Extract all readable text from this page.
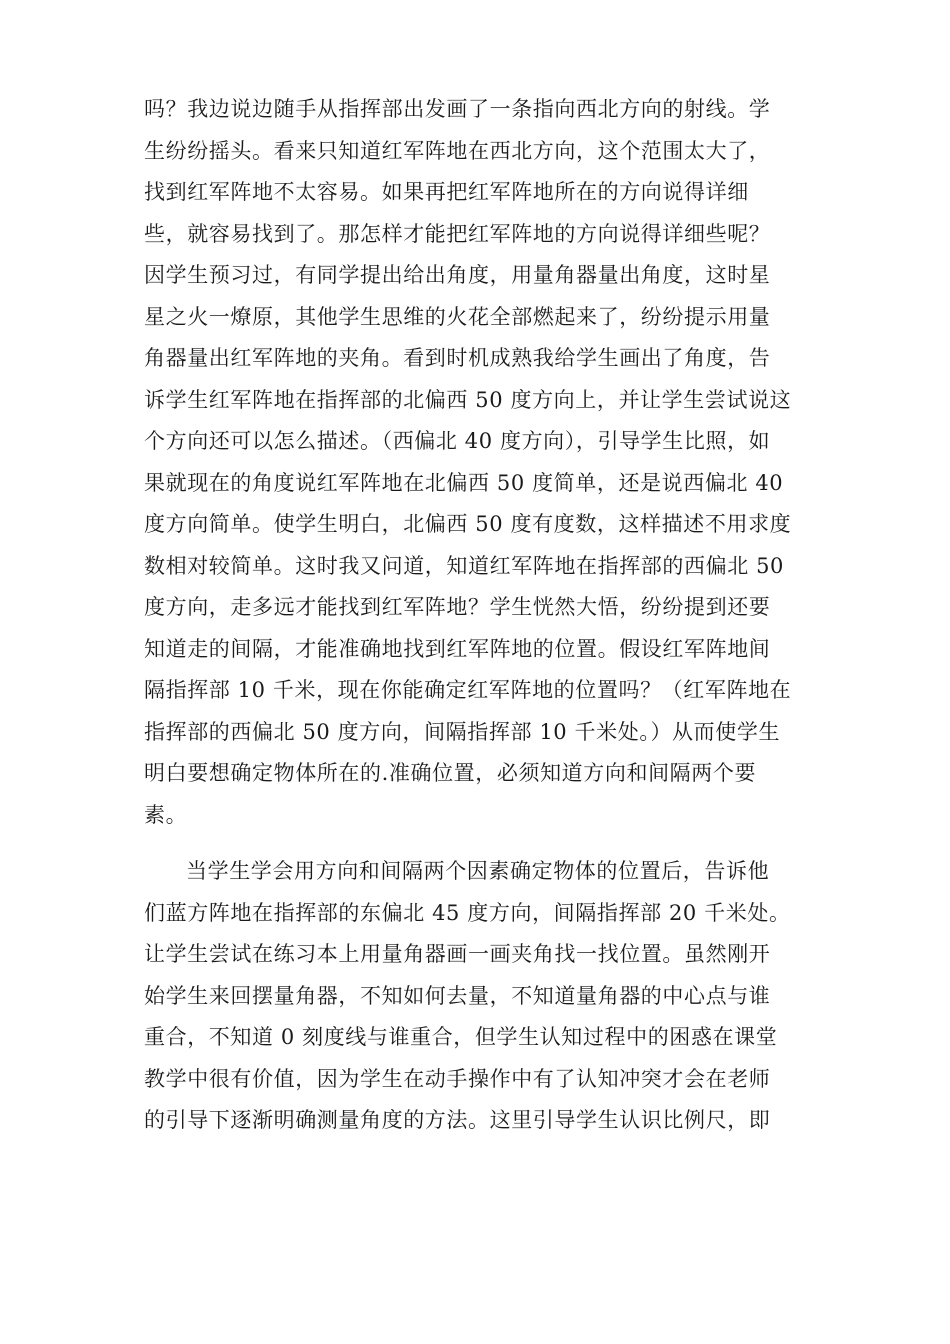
吗？我边说边随手从指挥部出发画了一条指向西北方向的射线。学
生纷纷摇头。看来只知道红军阵地在西北方向，这个范围太大了，
找到红军阵地不太容易。如果再把红军阵地所在的方向说得详细
些，就容易找到了。那怎样才能把红军阵地的方向说得详细些呢？
因学生预习过，有同学提出给出角度，用量角器量出角度，这时星
星之火一燎原，其他学生思维的火花全部燃起来了，纷纷提示用量
角器量出红军阵地的夹角。看到时机成熟我给学生画出了角度，告
诉学生红军阵地在指挥部的北偏西 50 度方向上，并让学生尝试说这
个方向还可以怎么描述。（西偏北 40 度方向），引导学生比照，如
果就现在的角度说红军阵地在北偏西 50 度简单，还是说西偏北 40
度方向简单。使学生明白，北偏西 50 度有度数，这样描述不用求度
数相对较简单。这时我又问道，知道红军阵地在指挥部的西偏北 50
度方向，走多远才能找到红军阵地？学生恍然大悟，纷纷提到还要
知道走的间隔，才能准确地找到红军阵地的位置。假设红军阵地间
隔指挥部 10 千米，现在你能确定红军阵地的位置吗？（红军阵地在
指挥部的西偏北 50 度方向，间隔指挥部 10 千米处。）从而使学生
明白要想确定物体所在的.准确位置，必须知道方向和间隔两个要
素。
当学生学会用方向和间隔两个因素确定物体的位置后，告诉他
们蓝方阵地在指挥部的东偏北 45 度方向，间隔指挥部 20 千米处。
让学生尝试在练习本上用量角器画一画夹角找一找位置。虽然刚开
始学生来回摆量角器，不知如何去量，不知道量角器的中心点与谁
重合，不知道 0 刻度线与谁重合，但学生认知过程中的困惑在课堂
教学中很有价值，因为学生在动手操作中有了认知冲突才会在老师
的引导下逐渐明确测量角度的方法。这里引导学生认识比例尺，即
